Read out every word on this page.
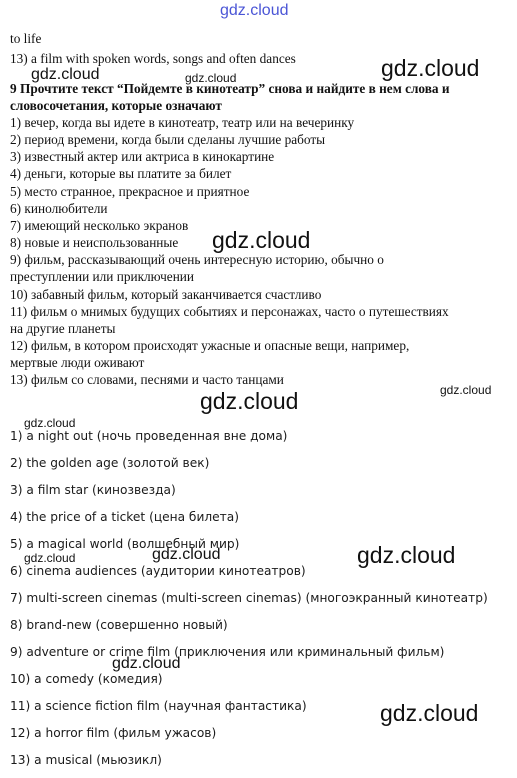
to life
13) a film with spoken words, songs and often dances
9 Прочтите текст “Пойдемте в кинотеатр” снова и найдите в нем слова и
словосочетания, которые означают
1) вечер, когда вы идете в кинотеатр, театр или на вечеринку
2) период времени, когда были сделаны лучшие работы
3) известный актер или актриса в кинокартине
4) деньги, которые вы платите за билет
5) место странное, прекрасное и приятное
6) кинолюбители
7) имеющий несколько экранов
8) новые и неиспользованные
9) фильм, рассказывающий очень интересную историю, обычно о
преступлении или приключении
10) забавный фильм, который заканчивается счастливо
11) фильм о мнимых будущих событиях и персонажах, часто о путешествиях
на другие планеты
12) фильм, в котором происходят ужасные и опасные вещи, например,
мертвые люди оживают
13) фильм со словами, песнями и часто танцами
1) a night out (ночь проведенная вне дома)
2) the golden age (золотой век)
3) a film star (кинозвезда)
4) the price of a ticket (цена билета)
5) a magical world (волшебный мир)
6) cinema audiences (аудитории кинотеатров)
7) multi-screen cinemas (multi-screen cinemas) (многоэкранный кинотеатр)
8) brand-new (совершенно новый)
9) adventure or crime film (приключения или криминальный фильм)
10) a comedy (комедия)
11) a science fiction film (научная фантастика)
12) a horror film (фильм ужасов)
13) a musical (мьюзикл)
gdz.cloud
gdz.cloud
gdz.cloud	gdz.cloud
gdz.cloud
gdz.cloud
gdz.cloud
gdz.cloud
gdz.cloud
gdz.cloud
gdz.cloud
gdz.cloud
gdz.cloud
